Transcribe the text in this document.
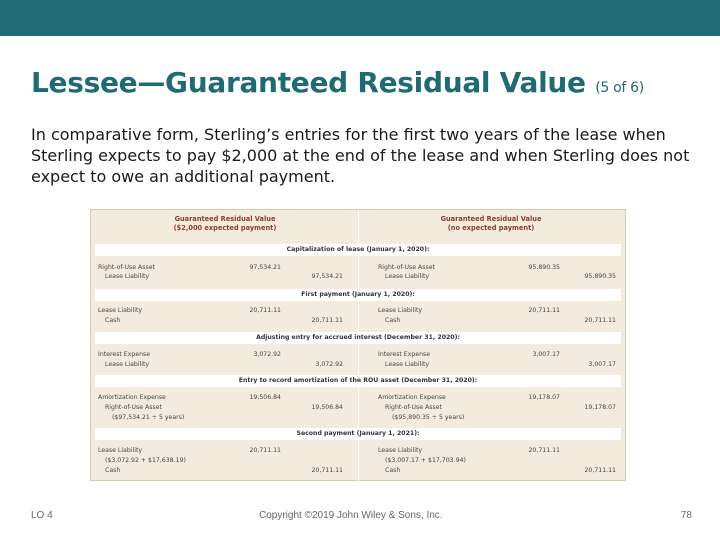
Lessee—Guaranteed Residual Value (5 of 6)
In comparative form, Sterling’s entries for the first two years of the lease when Sterling expects to pay $2,000 at the end of the lease and when Sterling does not expect to owe an additional payment.
Guaranteed Residual Value
($2,000 expected payment)
Guaranteed Residual Value
(no expected payment)
Capitalization of lease (January 1, 2020):
Right-of-Use Asset	97,534.21
Lease Liability	97,534.21
Right-of-Use Asset	95,890.35
Lease Liability	95,890.35
First payment (January 1, 2020):
Lease Liability	20,711.11
Cash	20,711.11
Lease Liability	20,711.11
Cash	20,711.11
Adjusting entry for accrued interest (December 31, 2020):
Interest Expense	3,072.92
Lease Liability	3,072.92
Interest Expense	3,007.17
Lease Liability	3,007.17
Entry to record amortization of the ROU asset (December 31, 2020):
Amortization Expense	19,506.84
Right-of-Use Asset	19,506.84
($97,534.21 ÷ 5 years)
Amortization Expense	19,178.07
Right-of-Use Asset	19,178.07
($95,890.35 ÷ 5 years)
Second payment (January 1, 2021):
Lease Liability	20,711.11
($3,072.92 + $17,638.19)
Cash	20,711.11
Lease Liability	20,711.11
($3,007.17 + $17,703.94)
Cash	20,711.11
LO 4	Copyright ©2019 John Wiley & Sons, Inc.	78
